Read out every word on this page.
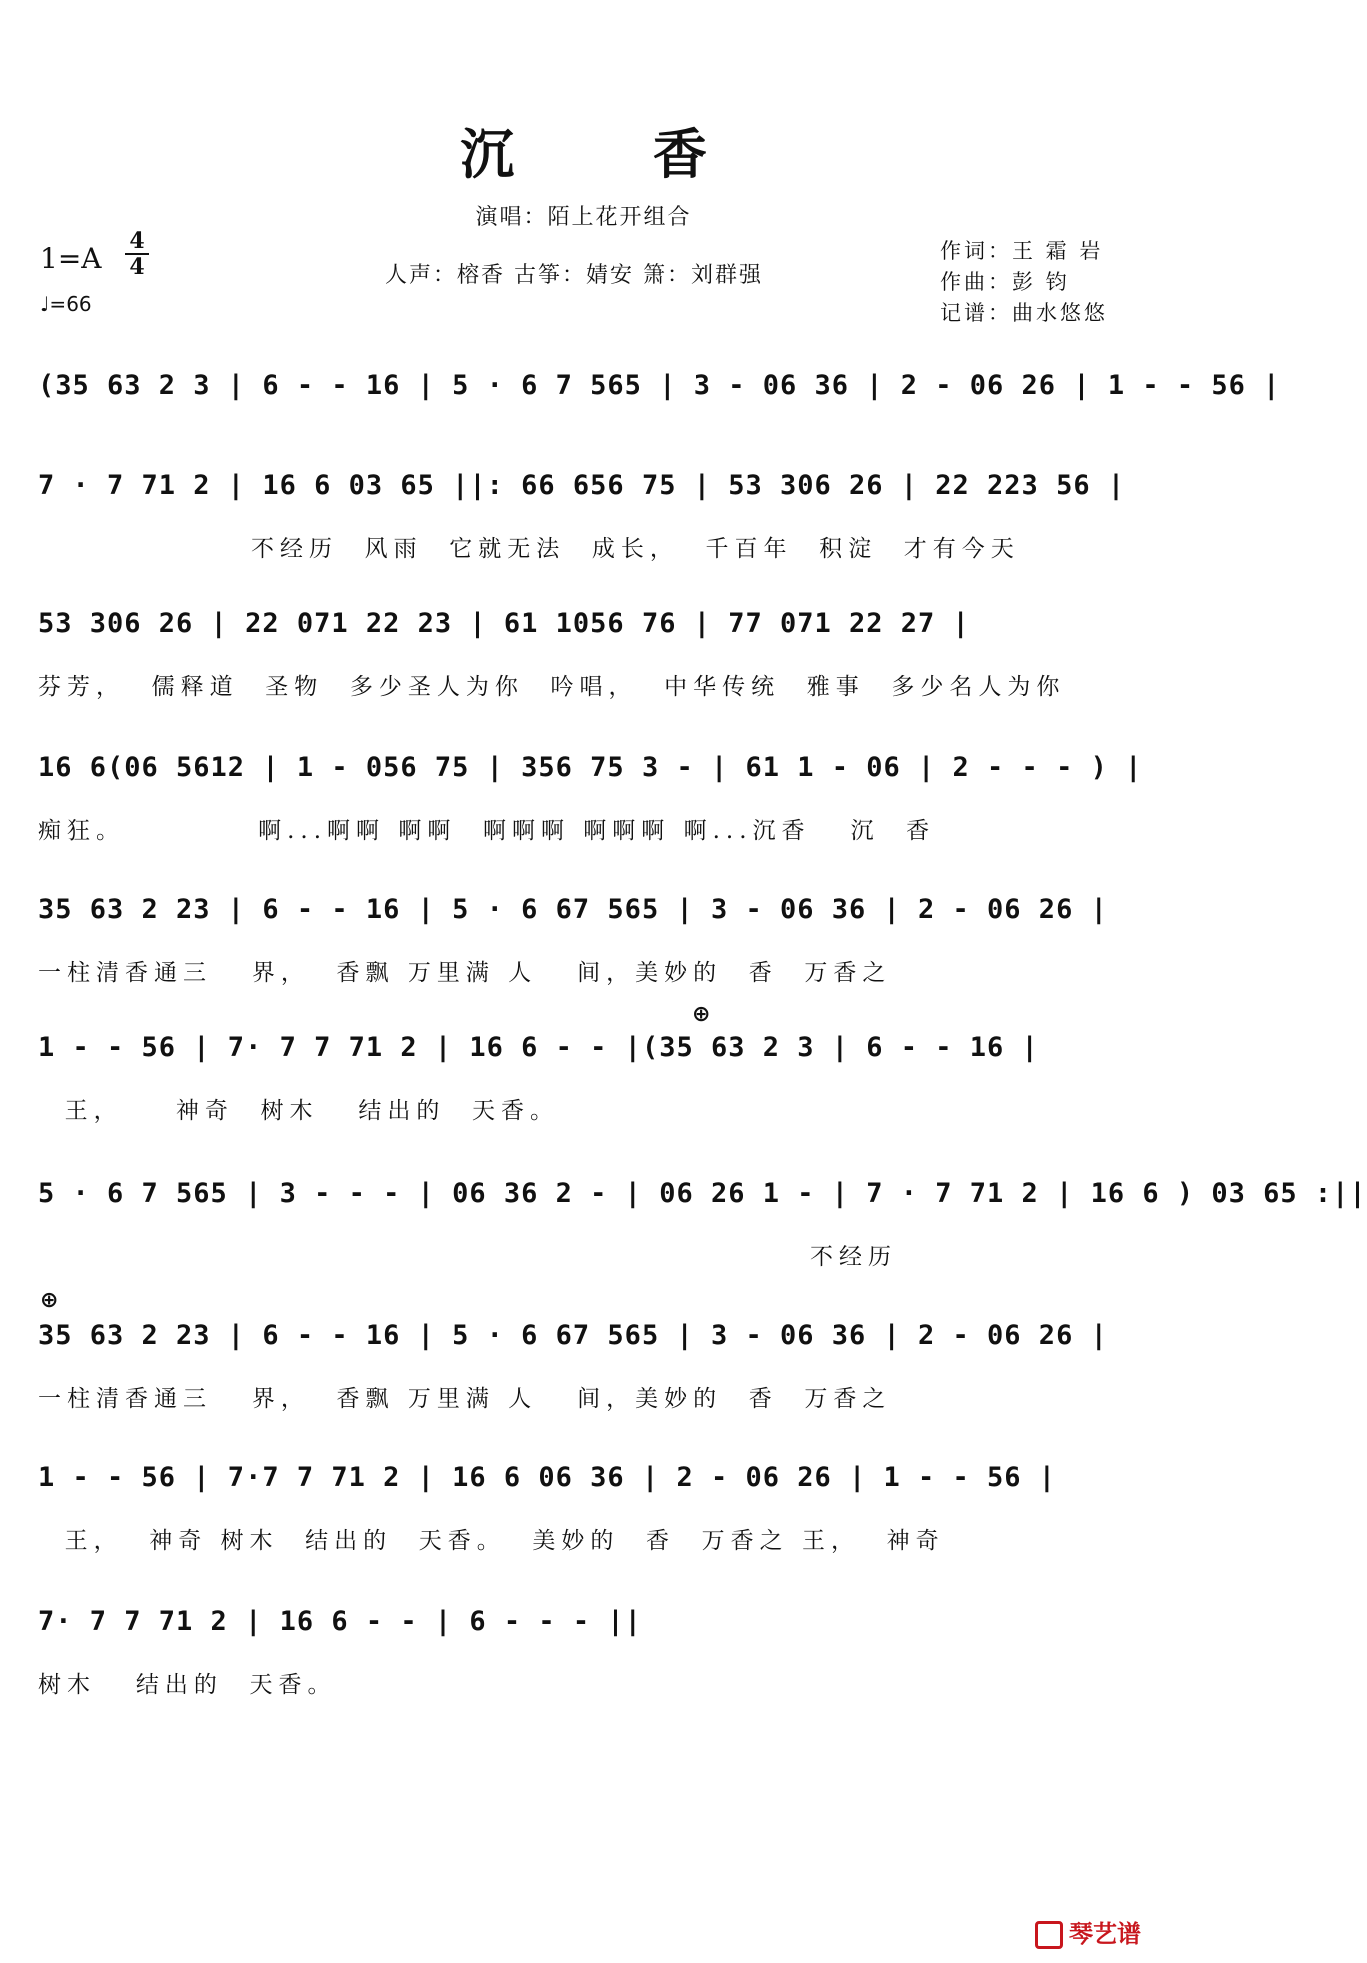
沉 香
演唱：陌上花开组合
1=A
4
4
♩=66
人声：榕香 古筝：婧安 箫：刘群强
作词：王 霜 岩
作曲：彭 钧
记谱：曲水悠悠
(35 63 2 3 | 6 - - 16 | 5 · 6 7 565 | 3 - 06 36 | 2 - 06 26 | 1 - - 56 |
7 · 7 71 2 | 16 6 03 65 ||: 66 656 75 | 53 306 26 | 22 223 56 |
不经历  风雨  它就无法  成长，  千百年  积淀  才有今天
53 306 26 | 22 071 22 23 | 61 1056 76 | 77 071 22 27 |
芬芳，  儒释道  圣物  多少圣人为你  吟唱，  中华传统  雅事  多少名人为你
16 6(06 5612 | 1 - 056 75 | 356 75 3 - | 61 1 - 06 | 2 - - - ) |
痴狂。          啊...啊啊 啊啊  啊啊啊 啊啊啊 啊...沉香   沉  香
35 63 2 23 | 6 - - 16 | 5 · 6 67 565 | 3 - 06 36 | 2 - 06 26 |
一柱清香通三   界，  香飘 万里满 人   间，美妙的  香  万香之
⊕
1 - - 56 | 7· 7 7 71 2 | 16 6 - - |(35 63 2 3 | 6 - - 16 |
王，    神奇  树木   结出的  天香。
5 · 6 7 565 | 3 - - - | 06 36 2 - | 06 26 1 - | 7 · 7 71 2 | 16 6 ) 03 65 :||
不经历
⊕
35 63 2 23 | 6 - - 16 | 5 · 6 67 565 | 3 - 06 36 | 2 - 06 26 |
一柱清香通三   界，  香飘 万里满 人   间，美妙的  香  万香之
1 - - 56 | 7·7 7 71 2 | 16 6 06 36 | 2 - 06 26 | 1 - - 56 |
王，  神奇 树木  结出的  天香。  美妙的  香  万香之 王，  神奇
7· 7 7 71 2 | 16 6 - - | 6 - - - ||
树木   结出的  天香。
琴艺谱
